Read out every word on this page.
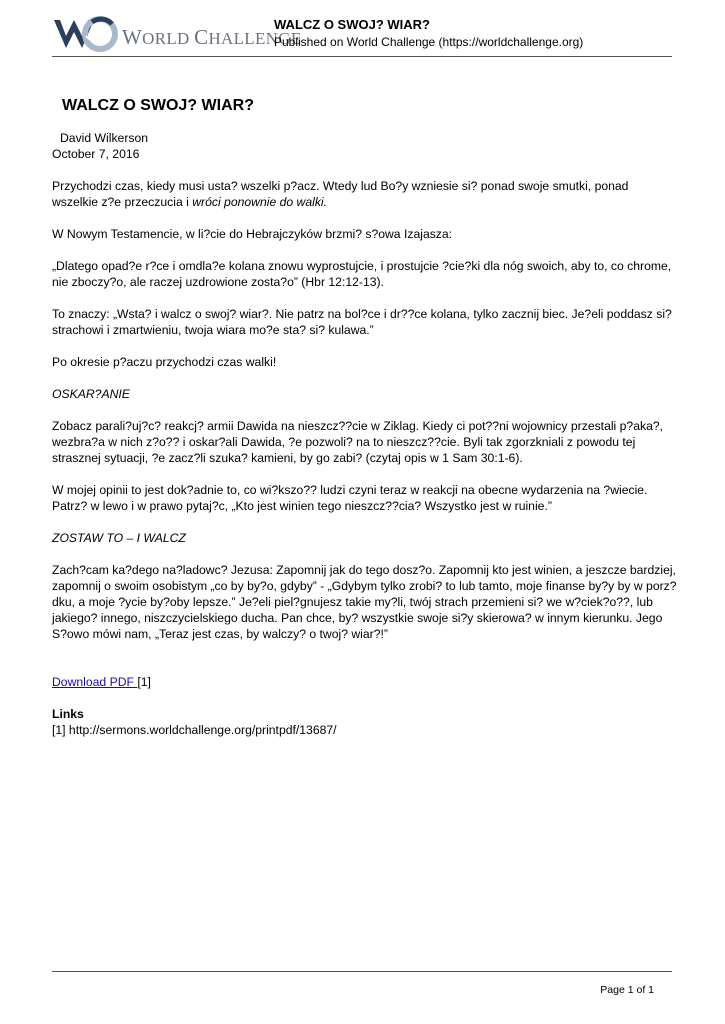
WORLD CHALLENGE
WALCZ O SWOJ? WIAR?
Published on World Challenge (https://worldchallenge.org)
WALCZ O SWOJ? WIAR?
David Wilkerson
October 7, 2016
Przychodzi czas, kiedy musi usta? wszelki p?acz. Wtedy lud Bo?y wzniesie si? ponad swoje smutki, ponad wszelkie z?e przeczucia i wróci ponownie do walki.
W Nowym Testamencie, w li?cie do Hebrajczyków brzmi? s?owa Izajasza:
„Dlatego opad?e r?ce i omdla?e kolana znowu wyprostujcie, i prostujcie ?cie?ki dla nóg swoich, aby to, co chrome, nie zboczy?o, ale raczej uzdrowione zosta?o” (Hbr 12:12-13).
To znaczy: „Wsta? i walcz o swoj? wiar?. Nie patrz na bol?ce i dr??ce kolana, tylko zacznij biec. Je?eli poddasz si? strachowi i zmartwieniu, twoja wiara mo?e sta? si? kulawa.”
Po okresie p?aczu przychodzi czas walki!
OSKAR?ANIE
Zobacz parali?uj?c? reakcj? armii Dawida na nieszcz??cie w Ziklag. Kiedy ci pot??ni wojownicy przestali p?aka?, wezbra?a w nich z?o?? i oskar?ali Dawida, ?e pozwoli? na to nieszcz??cie. Byli tak zgorzkniali z powodu tej strasznej sytuacji, ?e zacz?li szuka? kamieni, by go zabi? (czytaj opis w 1 Sam 30:1-6).
W mojej opinii to jest dok?adnie to, co wi?kszo?? ludzi czyni teraz w reakcji na obecne wydarzenia na ?wiecie. Patrz? w lewo i w prawo pytaj?c, „Kto jest winien tego nieszcz??cia? Wszystko jest w ruinie.”
ZOSTAW TO – I WALCZ
Zach?cam ka?dego na?ladowc? Jezusa: Zapomnij jak do tego dosz?o. Zapomnij kto jest winien, a jeszcze bardziej, zapomnij o swoim osobistym „co by by?o, gdyby” - „Gdybym tylko zrobi? to lub tamto, moje finanse by?y by w porz?dku, a moje ?ycie by?oby lepsze.” Je?eli piel?gnujesz takie my?li, twój strach przemieni si? we w?ciek?o??, lub jakiego? innego, niszczycielskiego ducha. Pan chce, by? wszystkie swoje si?y skierowa? w innym kierunku. Jego S?owo mówi nam, „Teraz jest czas, by walczy? o twoj? wiar?!”
Download PDF [1]
Links
[1] http://sermons.worldchallenge.org/printpdf/13687/
Page 1 of 1
